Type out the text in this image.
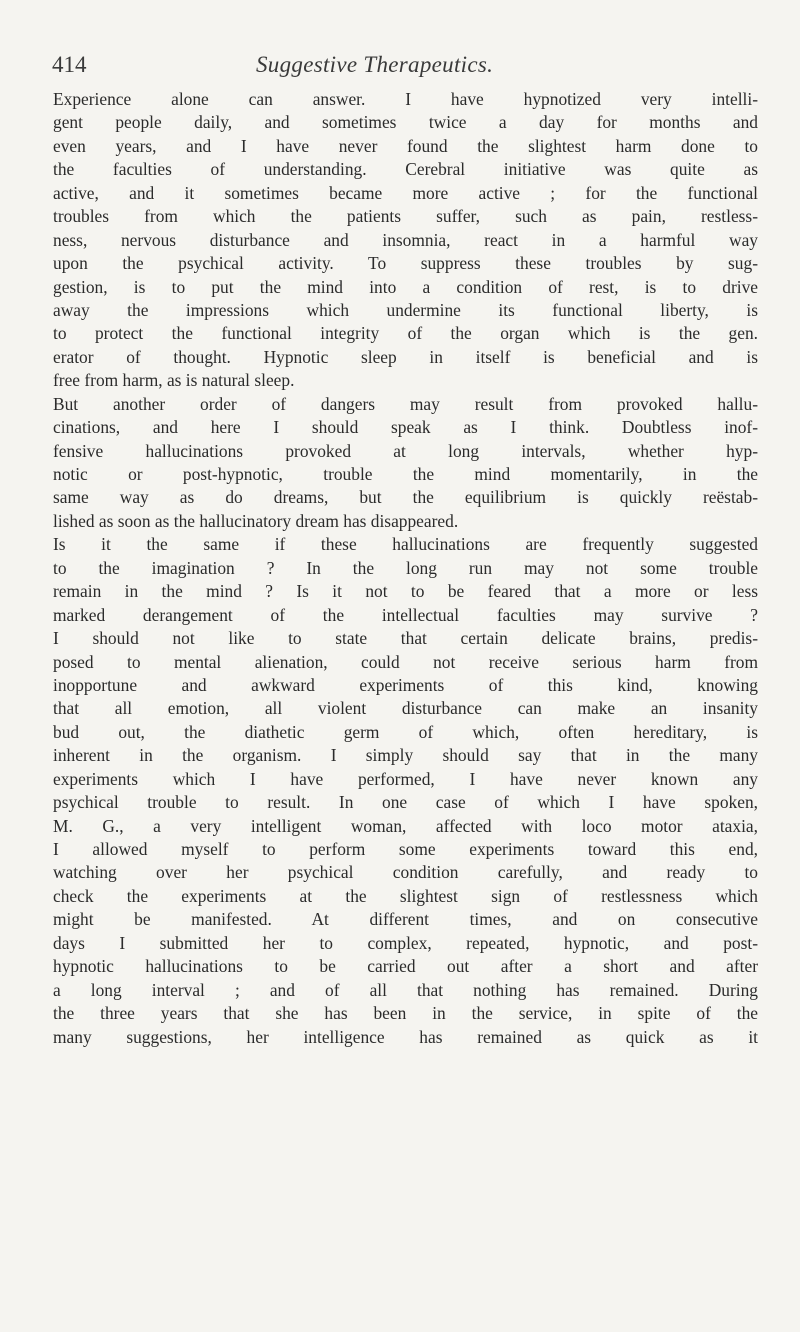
414	Suggestive Therapeutics.
Experience alone can answer. I have hypnotized very intelli-
gent people daily, and sometimes twice a day for months and
even years, and I have never found the slightest harm done to
the faculties of understanding. Cerebral initiative was quite as
active, and it sometimes became more active ; for the functional
troubles from which the patients suffer, such as pain, restless-
ness, nervous disturbance and insomnia, react in a harmful way
upon the psychical activity. To suppress these troubles by sug-
gestion, is to put the mind into a condition of rest, is to drive
away the impressions which undermine its functional liberty, is
to protect the functional integrity of the organ which is the gen.
erator of thought. Hypnotic sleep in itself is beneficial and is
free from harm, as is natural sleep.
But another order of dangers may result from provoked hallu-
cinations, and here I should speak as I think. Doubtless inof-
fensive hallucinations provoked at long intervals, whether hyp-
notic or post-hypnotic, trouble the mind momentarily, in the
same way as do dreams, but the equilibrium is quickly reëstab-
lished as soon as the hallucinatory dream has disappeared.
Is it the same if these hallucinations are frequently suggested
to the imagination ? In the long run may not some trouble
remain in the mind ? Is it not to be feared that a more or less
marked derangement of the intellectual faculties may survive ?
I should not like to state that certain delicate brains, predis-
posed to mental alienation, could not receive serious harm from
inopportune and awkward experiments of this kind, knowing
that all emotion, all violent disturbance can make an insanity
bud out, the diathetic germ of which, often hereditary, is
inherent in the organism. I simply should say that in the many
experiments which I have performed, I have never known any
psychical trouble to result. In one case of which I have spoken,
M. G., a very intelligent woman, affected with loco motor ataxia,
I allowed myself to perform some experiments toward this end,
watching over her psychical condition carefully, and ready to
check the experiments at the slightest sign of restlessness which
might be manifested. At different times, and on consecutive
days I submitted her to complex, repeated, hypnotic, and post-
hypnotic hallucinations to be carried out after a short and after
a long interval ; and of all that nothing has remained. During
the three years that she has been in the service, in spite of the
many suggestions, her intelligence has remained as quick as it
